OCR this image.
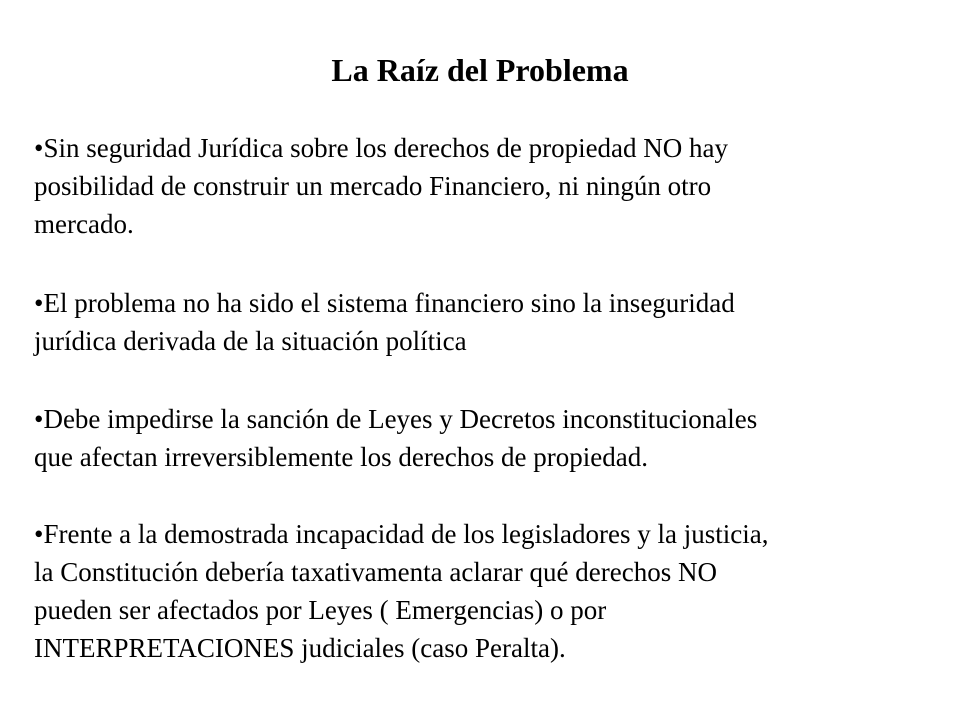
La Raíz del Problema
•Sin seguridad Jurídica sobre los derechos de propiedad NO hay
posibilidad de construir un mercado Financiero, ni ningún otro
mercado.
•El problema no ha sido el sistema financiero sino la inseguridad
jurídica derivada de la situación política
•Debe impedirse la sanción de Leyes y Decretos inconstitucionales
que afectan irreversiblemente los derechos de propiedad.
•Frente a la demostrada incapacidad de los legisladores y la justicia,
la Constitución debería taxativamenta aclarar qué derechos NO
pueden ser afectados por Leyes ( Emergencias) o por
INTERPRETACIONES judiciales (caso Peralta).
